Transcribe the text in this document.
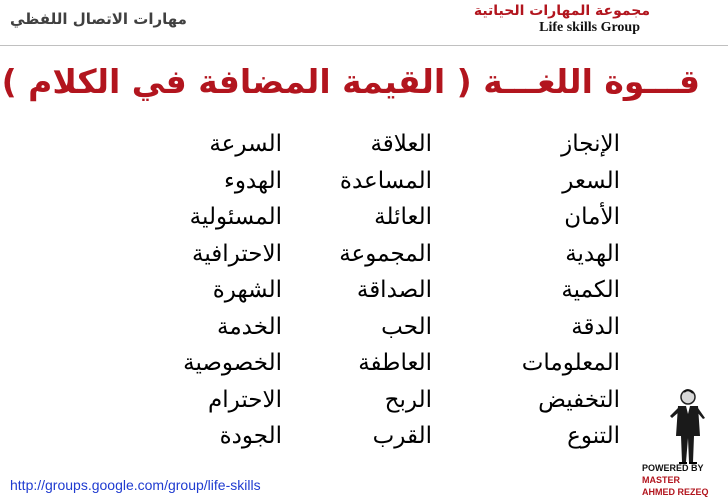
مهارات الاتصال اللفظي	مجموعة المهارات الحياتية
Life skills Group
قـــوة اللغـــة ( القيمة المضافة في الكلام )
الإنجاز
السعر
الأمان
الهدية
الكمية
الدقة
المعلومات
التخفيض
التنوع
العلاقة
المساعدة
العائلة
المجموعة
الصداقة
الحب
العاطفة
الربح
القرب
السرعة
الهدوء
المسئولية
الاحترافية
الشهرة
الخدمة
الخصوصية
الاحترام
الجودة
http://groups.google.com/group/life-skills
POWERED BY
MASTER
AHMED REZEQ
